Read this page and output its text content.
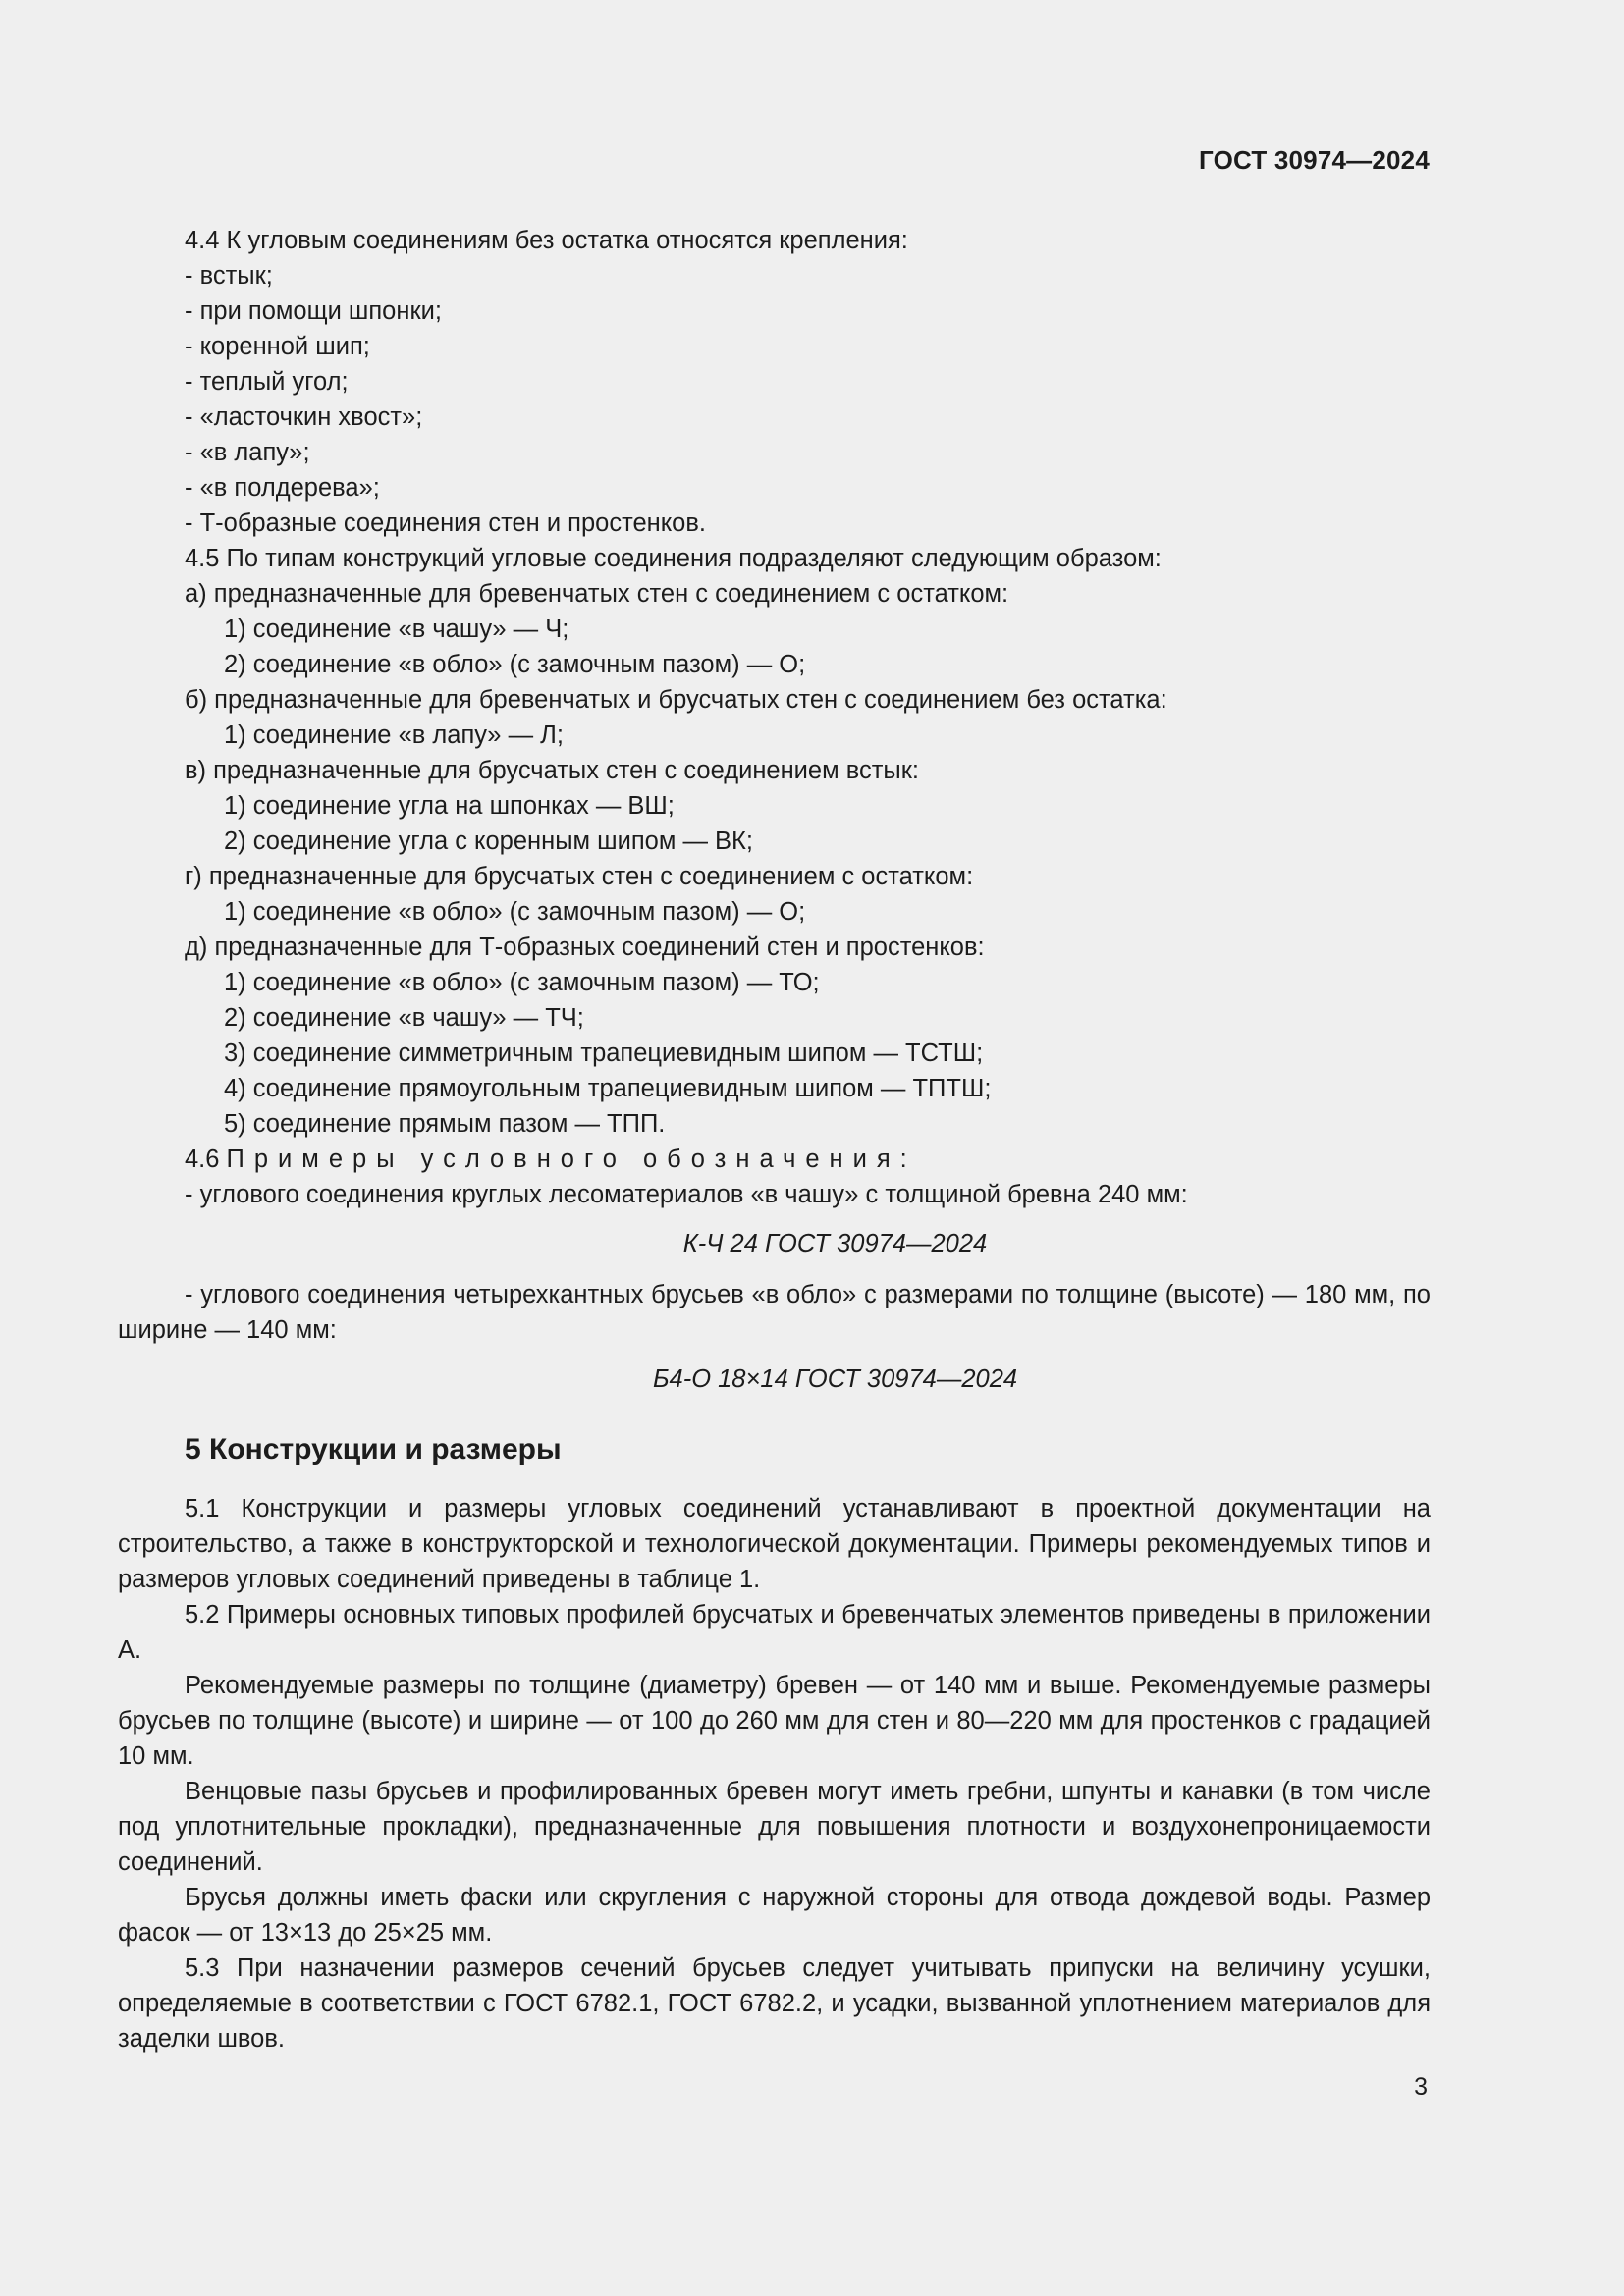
ГОСТ 30974—2024
4.4 К угловым соединениям без остатка относятся крепления:
- встык;
- при помощи шпонки;
- коренной шип;
- теплый угол;
- «ласточкин хвост»;
- «в лапу»;
- «в полдерева»;
- Т-образные соединения стен и простенков.
4.5 По типам конструкций угловые соединения подразделяют следующим образом:
а) предназначенные для бревенчатых стен с соединением с остатком:
1) соединение «в чашу» — Ч;
2) соединение «в обло» (с замочным пазом) — О;
б) предназначенные для бревенчатых и брусчатых стен с соединением без остатка:
1) соединение «в лапу» — Л;
в) предназначенные для брусчатых стен с соединением встык:
1) соединение угла на шпонках — ВШ;
2) соединение угла с коренным шипом — ВК;
г) предназначенные для брусчатых стен с соединением с остатком:
1) соединение «в обло» (с замочным пазом) — О;
д) предназначенные для Т-образных соединений стен и простенков:
1) соединение «в обло» (с замочным пазом) — ТО;
2) соединение «в чашу» — ТЧ;
3) соединение симметричным трапециевидным шипом — ТСТШ;
4) соединение прямоугольным трапециевидным шипом — ТПТШ;
5) соединение прямым пазом — ТПП.
4.6 Примеры условного обозначения:
- углового соединения круглых лесоматериалов «в чашу» с толщиной бревна 240 мм:
К-Ч 24 ГОСТ 30974—2024
- углового соединения четырехкантных брусьев «в обло» с размерами по толщине (высоте) — 180 мм, по ширине — 140 мм:
Б4-О 18×14 ГОСТ 30974—2024
5 Конструкции и размеры
5.1 Конструкции и размеры угловых соединений устанавливают в проектной документации на строительство, а также в конструкторской и технологической документации. Примеры рекомендуемых типов и размеров угловых соединений приведены в таблице 1.
5.2 Примеры основных типовых профилей брусчатых и бревенчатых элементов приведены в приложении А.
Рекомендуемые размеры по толщине (диаметру) бревен — от 140 мм и выше. Рекомендуемые размеры брусьев по толщине (высоте) и ширине — от 100 до 260 мм для стен и 80—220 мм для простенков с градацией 10 мм.
Венцовые пазы брусьев и профилированных бревен могут иметь гребни, шпунты и канавки (в том числе под уплотнительные прокладки), предназначенные для повышения плотности и воздухонепроницаемости соединений.
Брусья должны иметь фаски или скругления с наружной стороны для отвода дождевой воды. Размер фасок — от 13×13 до 25×25 мм.
5.3 При назначении размеров сечений брусьев следует учитывать припуски на величину усушки, определяемые в соответствии с ГОСТ 6782.1, ГОСТ 6782.2, и усадки, вызванной уплотнением материалов для заделки швов.
3
